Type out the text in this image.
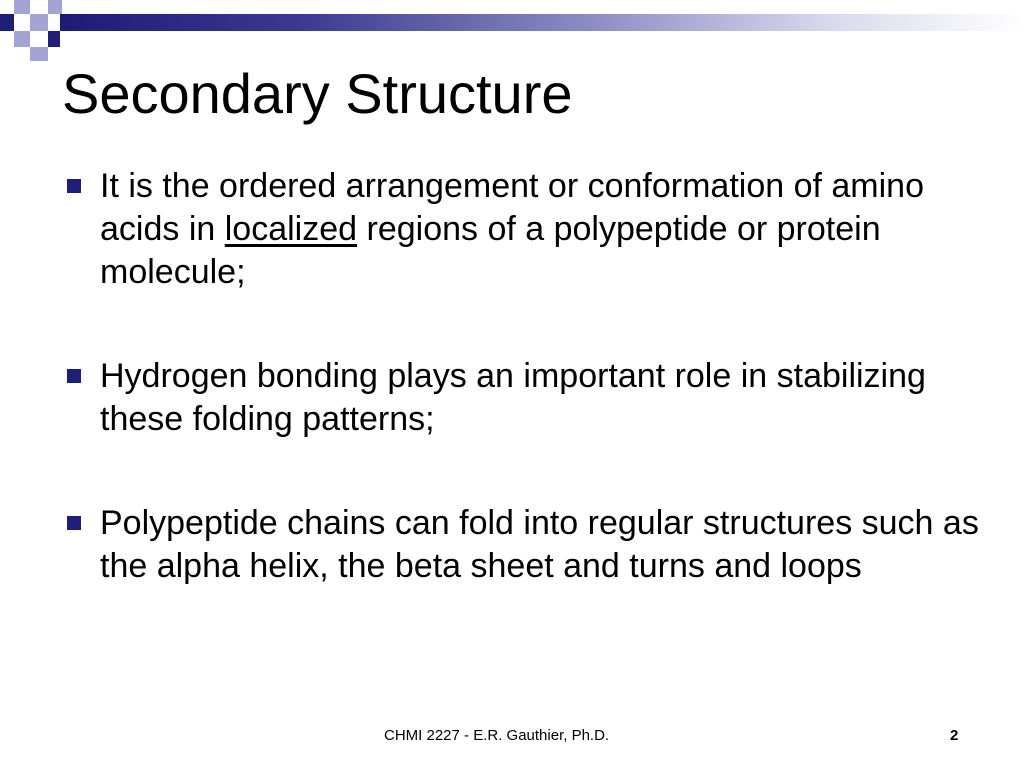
Secondary Structure
It is the ordered arrangement or conformation of amino acids in localized regions of a polypeptide or protein molecule;
Hydrogen bonding plays an important role in stabilizing these folding patterns;
Polypeptide chains can fold into regular structures such as the alpha helix, the beta sheet and turns and loops
CHMI 2227 - E.R. Gauthier, Ph.D.	2
